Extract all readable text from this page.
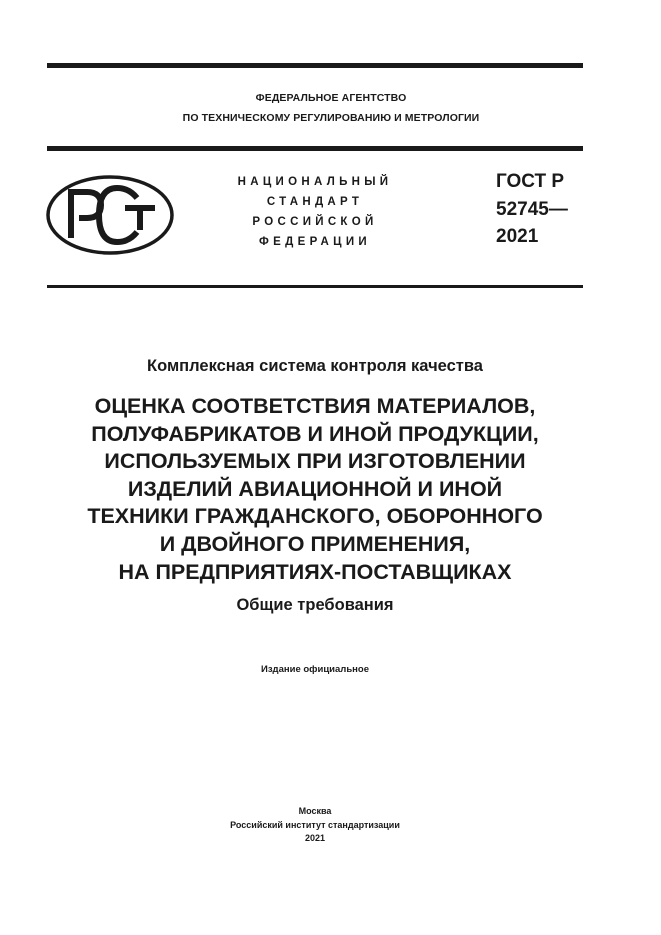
ФЕДЕРАЛЬНОЕ АГЕНТСТВО
ПО ТЕХНИЧЕСКОМУ РЕГУЛИРОВАНИЮ И МЕТРОЛОГИИ
НАЦИОНАЛЬНЫЙ
СТАНДАРТ
РОССИЙСКОЙ
ФЕДЕРАЦИИ
ГОСТ Р
52745—
2021
Комплексная система контроля качества
ОЦЕНКА СООТВЕТСТВИЯ МАТЕРИАЛОВ,
ПОЛУФАБРИКАТОВ И ИНОЙ ПРОДУКЦИИ,
ИСПОЛЬЗУЕМЫХ ПРИ ИЗГОТОВЛЕНИИ
ИЗДЕЛИЙ АВИАЦИОННОЙ И ИНОЙ
ТЕХНИКИ ГРАЖДАНСКОГО, ОБОРОННОГО
И ДВОЙНОГО ПРИМЕНЕНИЯ,
НА ПРЕДПРИЯТИЯХ-ПОСТАВЩИКАХ
Общие требования
Издание официальное
Москва
Российский институт стандартизации
2021
